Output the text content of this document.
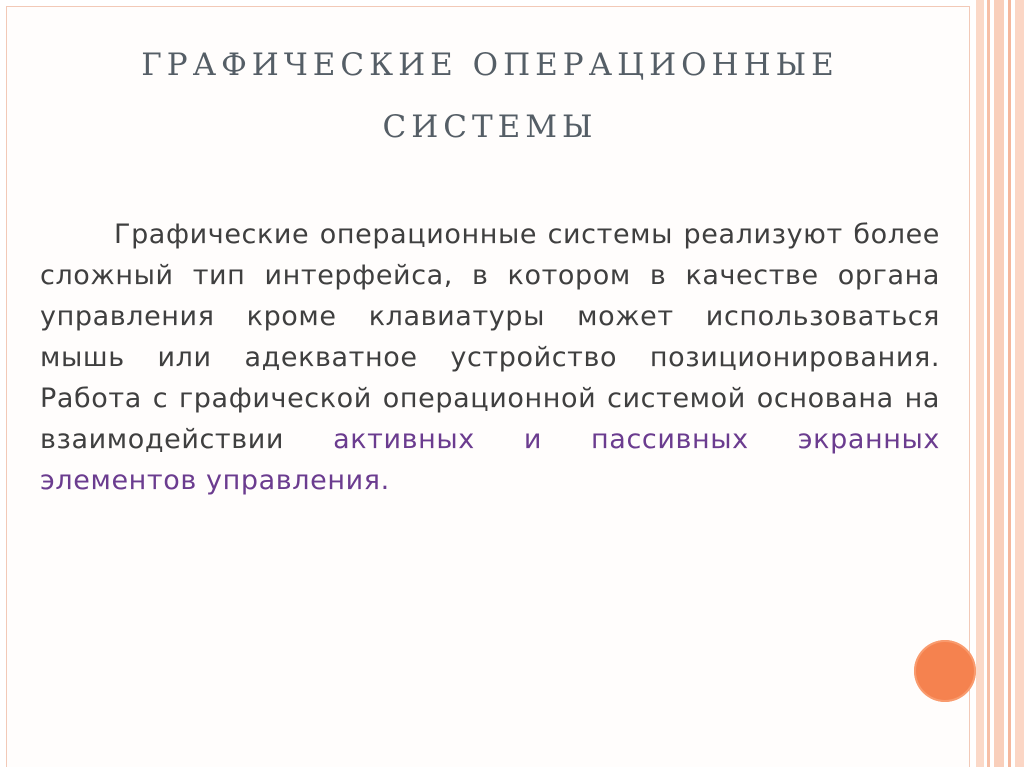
ГРАФИЧЕСКИЕ ОПЕРАЦИОННЫЕ
СИСТЕМЫ

Графические операционные системы реализуют более сложный тип интерфейса, в котором в качестве органа управления кроме клавиатуры может использоваться мышь или адекватное устройство позиционирования. Работа с графической операционной системой основана на взаимодействии активных и пассивных экранных элементов управления.
